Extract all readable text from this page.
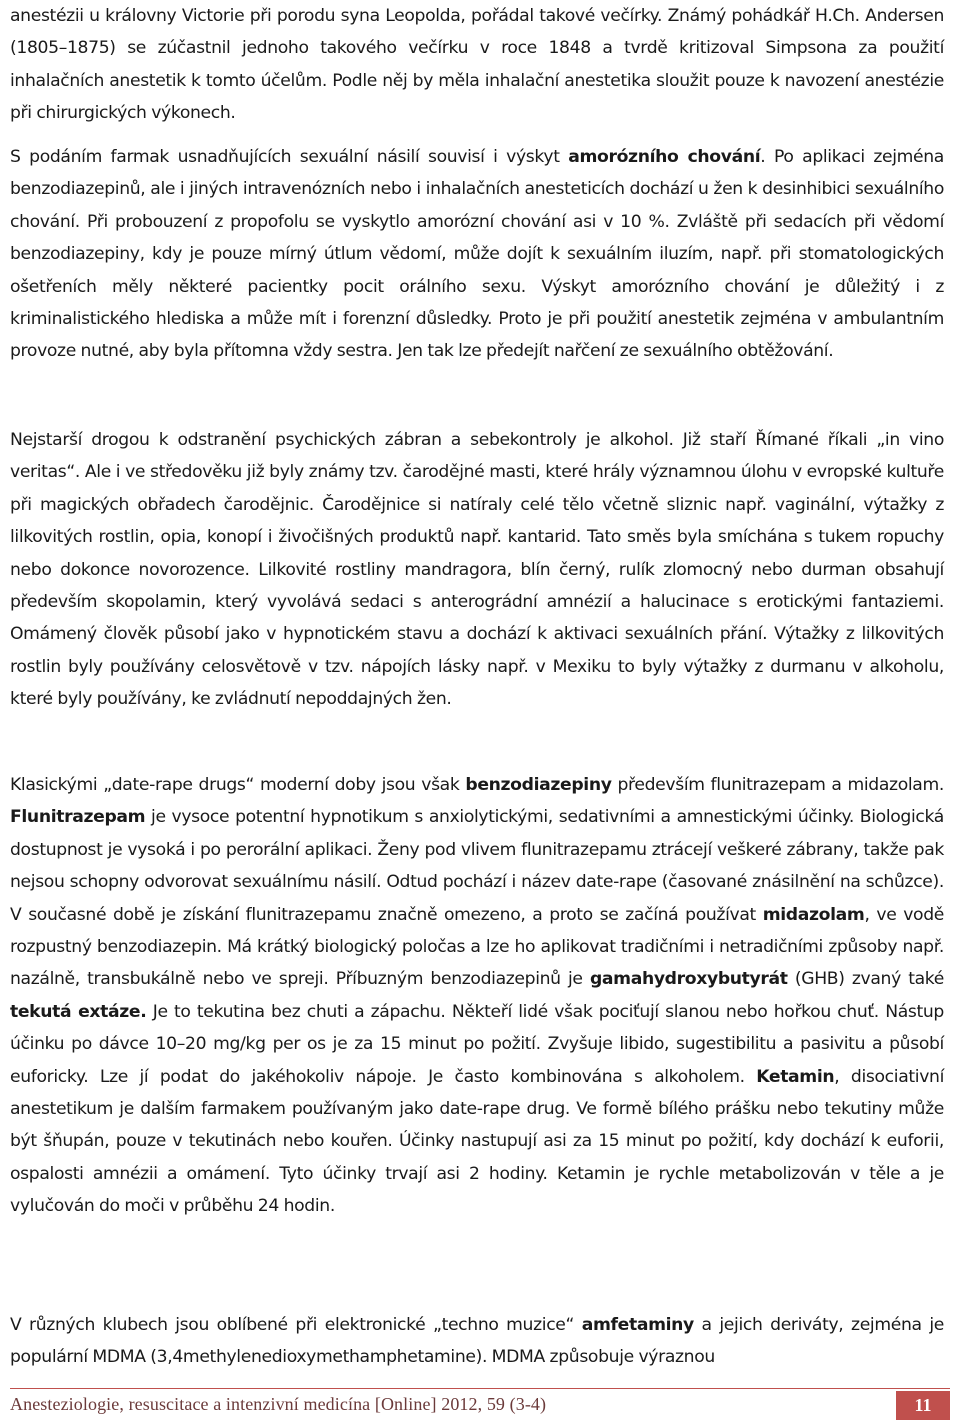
anestézii u královny Victorie při porodu syna Leopolda, pořádal takové večírky. Známý pohádkář H.Ch. Andersen (1805–1875) se zúčastnil jednoho takového večírku v roce 1848 a tvrdě kritizoval Simpsona za použití inhalačních anestetik k tomto účelům. Podle něj by měla inhalační anestetika sloužit pouze k navození anestézie při chirurgických výkonech.

S podáním farmak usnadňujících sexuální násilí souvisí i výskyt amorózního chování. Po aplikaci zejména benzodiazepinů, ale i jiných intravenózních nebo i inhalačních anesteticích dochází u žen k desinhibici sexuálního chování. Při probouzení z propofolu se vyskytlo amorózní chování asi v 10 %. Zvláště při sedacích při vědomí benzodiazepiny, kdy je pouze mírný útlum vědomí, může dojít k sexuálním iluzím, např. při stomatologických ošetřeních měly některé pacientky pocit orálního sexu. Výskyt amorózního chování je důležitý i z kriminalistického hlediska a může mít i forenzní důsledky. Proto je při použití anestetik zejména v ambulantním provoze nutné, aby byla přítomna vždy sestra. Jen tak lze předejít nařčení ze sexuálního obtěžování.

Nejstarší drogou k odstranění psychických zábran a sebekontroly je alkohol. Již staří Římané říkali „in vino veritas“. Ale i ve středověku již byly známy tzv. čarodějné masti, které hrály významnou úlohu v evropské kultuře při magických obřadech čarodějnic. Čarodějnice si natíraly celé tělo včetně sliznic např. vaginální, výtažky z lilkovitých rostlin, opia, konopí i živočišných produktů např. kantarid. Tato směs byla smíchána s tukem ropuchy nebo dokonce novorozence. Lilkovité rostliny mandragora, blín černý, rulík zlomocný nebo durman obsahují především skopolamin, který vyvolává sedaci s anterográdní amnézií a halucinace s erotickými fantaziemi. Omámený člověk působí jako v hypnotickém stavu a dochází k aktivaci sexuálních přání. Výtažky z lilkovitých rostlin byly používány celosvětově v tzv. nápojích lásky např. v Mexiku to byly výtažky z durmanu v alkoholu, které byly používány, ke zvládnutí nepoddajných žen.

Klasickými „date-rape drugs“ moderní doby jsou však benzodiazepiny především flunitrazepam a midazolam. Flunitrazepam je vysoce potentní hypnotikum s anxiolytickými, sedativními a amnestickými účinky. Biologická dostupnost je vysoká i po perorální aplikaci. Ženy pod vlivem flunitrazepamu ztrácejí veškeré zábrany, takže pak nejsou schopny odvorovat sexuálnímu násilí. Odtud pochází i název date-rape (časované znásilnění na schůzce). V současné době je získání flunitrazepamu značně omezeno, a proto se začíná používat midazolam, ve vodě rozpustný benzodiazepin. Má krátký biologický poločas a lze ho aplikovat tradičními i netradičními způsoby např. nazálně, transbukálně nebo ve spreji. Příbuzným benzodiazepinů je gamahydroxybutyrát (GHB) zvaný také tekutá extáze. Je to tekutina bez chuti a zápachu. Někteří lidé však pociťují slanou nebo hořkou chuť. Nástup účinku po dávce 10–20 mg/kg per os je za 15 minut po požití. Zvyšuje libido, sugestibilitu a pasivitu a působí euforicky. Lze jí podat do jakéhokoliv nápoje. Je často kombinována s alkoholem. Ketamin, disociativní anestetikum je dalším farmakem používaným jako date-rape drug. Ve formě bílého prášku nebo tekutiny může být šňupán, pouze v tekutinách nebo kouřen. Účinky nastupují asi za 15 minut po požití, kdy dochází k euforii, ospalosti amnézii a omámení. Tyto účinky trvají asi 2 hodiny. Ketamin je rychle metabolizován v těle a je vylučován do moči v průběhu 24 hodin.

V různých klubech jsou oblíbené při elektronické „techno muzice“ amfetaminy a jejich deriváty, zejména je populární MDMA (3,4methylenedioxymethamphetamine). MDMA způsobuje výraznou

Anesteziologie, resuscitace a intenzivní medicína [Online] 2012, 59 (3-4)	11
